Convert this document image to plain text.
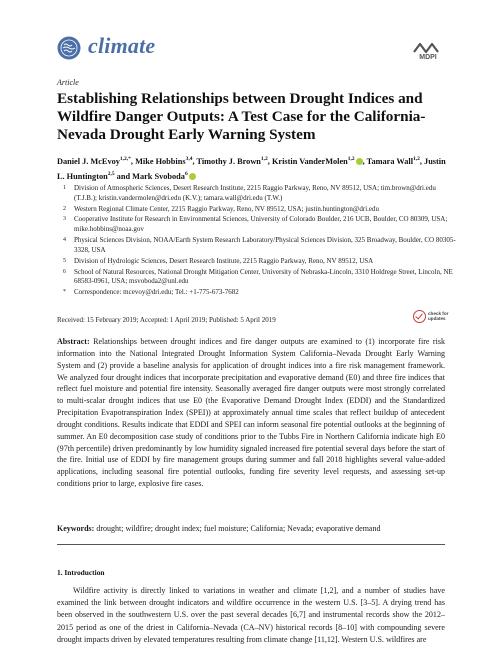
climate	MDPI
Article
Establishing Relationships between Drought Indices and Wildfire Danger Outputs: A Test Case for the California-Nevada Drought Early Warning System
Daniel J. McEvoy$^{1,2,*}$, Mike Hobbins$^{3,4}$, Timothy J. Brown$^{1,2}$, Kristin VanderMolen$^{1,2}$ , Tamara Wall$^{1,2}$, Justin L. Huntington$^{2,5}$ and Mark Svoboda$^6$
1	Division of Atmospheric Sciences, Desert Research Institute, 2215 Raggio Parkway, Reno, NV 89512, USA; tim.brown@dri.edu (T.J.B.); kristin.vandermolen@dri.edu (K.V.); tamara.wall@dri.edu (T.W.)
2	Western Regional Climate Center, 2215 Raggio Parkway, Reno, NV 89512, USA; justin.huntington@dri.edu
3	Cooperative Institute for Research in Environmental Sciences, University of Colorado Boulder, 216 UCB, Boulder, CO 80309, USA; mike.hobbins@noaa.gov
4	Physical Sciences Division, NOAA/Earth System Research Laboratory/Physical Sciences Division, 325 Broadway, Boulder, CO 80305-3328, USA
5	Division of Hydrologic Sciences, Desert Research Institute, 2215 Raggio Parkway, Reno, NV 89512, USA
6	School of Natural Resources, National Drought Mitigation Center, University of Nebraska-Lincoln, 3310 Holdrege Street, Lincoln, NE 68583-0961, USA; msvoboda2@unl.edu
*	Correspondence: mcevoy@dri.edu; Tel.: +1-775-673-7682
check for
updates
Received: 15 February 2019; Accepted: 1 April 2019; Published: 5 April 2019

Abstract: Relationships between drought indices and fire danger outputs are examined to (1) incorporate fire risk information into the National Integrated Drought Information System California–Nevada Drought Early Warning System and (2) provide a baseline analysis for application of drought indices into a fire risk management framework. We analyzed four drought indices that incorporate precipitation and evaporative demand (E0) and three fire indices that reflect fuel moisture and potential fire intensity. Seasonally averaged fire danger outputs were most strongly correlated to multi-scalar drought indices that use E0 (the Evaporative Demand Drought Index (EDDI) and the Standardized Precipitation Evapotranspiration Index (SPEI)) at approximately annual time scales that reflect buildup of antecedent drought conditions. Results indicate that EDDI and SPEI can inform seasonal fire potential outlooks at the beginning of summer. An E0 decomposition case study of conditions prior to the Tubbs Fire in Northern California indicate high E0 (97th percentile) driven predominantly by low humidity signaled increased fire potential several days before the start of the fire. Initial use of EDDI by fire management groups during summer and fall 2018 highlights several value-added applications, including seasonal fire potential outlooks, funding fire severity level requests, and assessing set-up conditions prior to large, explosive fire cases.

Keywords: drought; wildfire; drought index; fuel moisture; California; Nevada; evaporative demand
1. Introduction

Wildfire activity is directly linked to variations in weather and climate [1,2], and a number of studies have examined the link between drought indicators and wildfire occurrence in the western U.S. [3–5]. A drying trend has been observed in the southwestern U.S. over the past several decades [6,7] and instrumental records show the 2012–2015 period as one of the driest in California–Nevada (CA–NV) historical records [8–10] with compounding severe drought impacts driven by elevated temperatures resulting from climate change [11,12]. Western U.S. wildfires are
